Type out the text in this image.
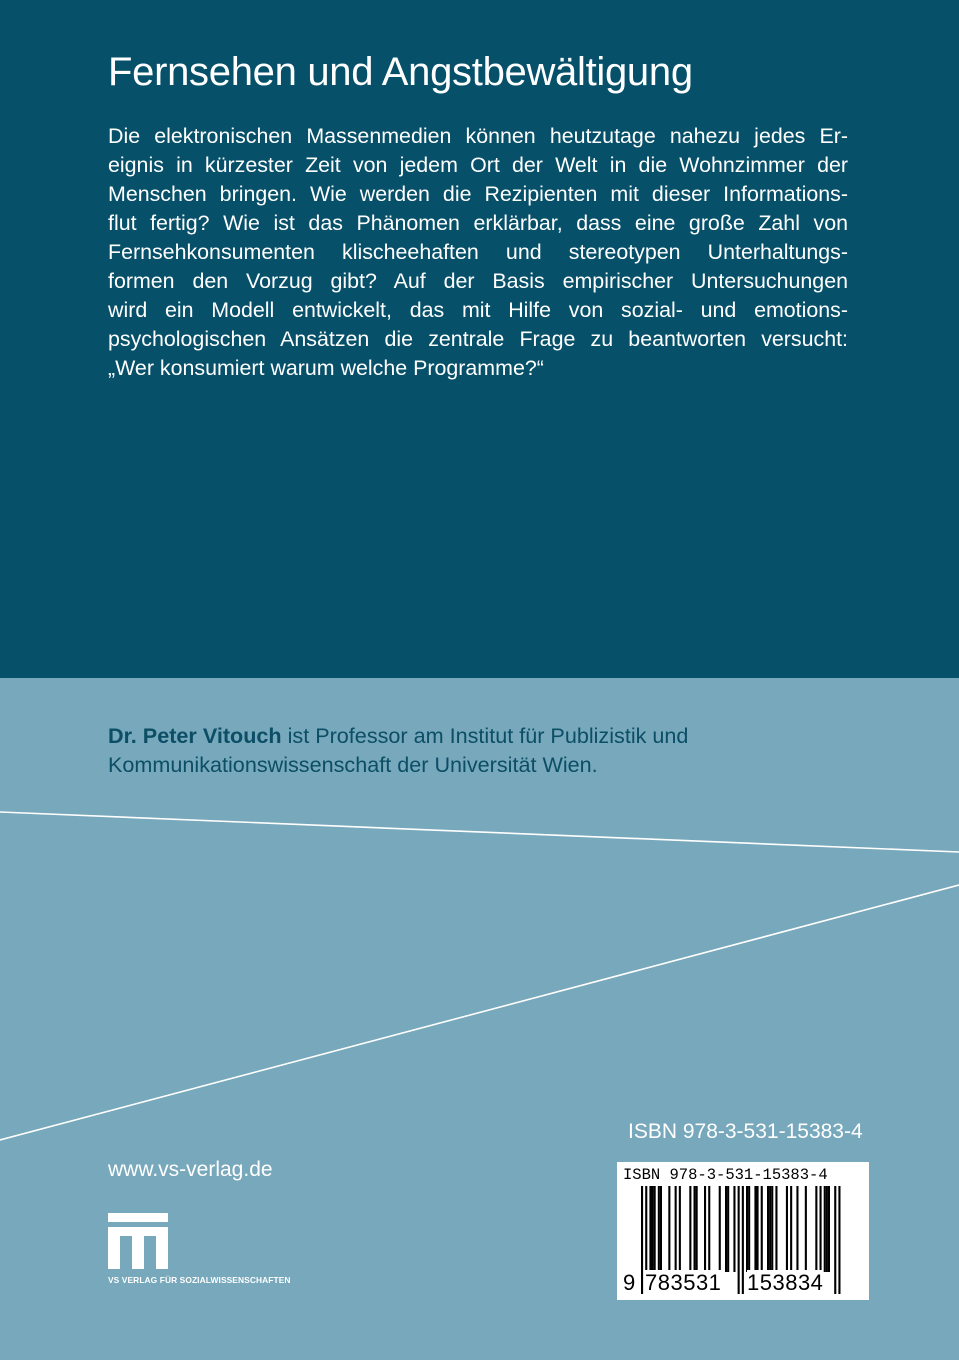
Fernsehen und Angstbewältigung
Die elektronischen Massenmedien können heutzutage nahezu jedes Er-
eignis in kürzester Zeit von jedem Ort der Welt in die Wohnzimmer der
Menschen bringen. Wie werden die Rezipienten mit dieser Informations-
flut fertig? Wie ist das Phänomen erklärbar, dass eine große Zahl von
Fernsehkonsumenten klischeehaften und stereotypen Unterhaltungs-
formen den Vorzug gibt? Auf der Basis empirischer Untersuchungen
wird ein Modell entwickelt, das mit Hilfe von sozial- und emotions-
psychologischen Ansätzen die zentrale Frage zu beantworten versucht:
„Wer konsumiert warum welche Programme?“
Dr. Peter Vitouch ist Professor am Institut für Publizistik und
Kommunikationswissenschaft der Universität Wien.
ISBN 978-3-531-15383-4
www.vs-verlag.de
VS VERLAG FÜR SOZIALWISSENSCHAFTEN
ISBN 978-3-531-15383-4
9 783531 153834
